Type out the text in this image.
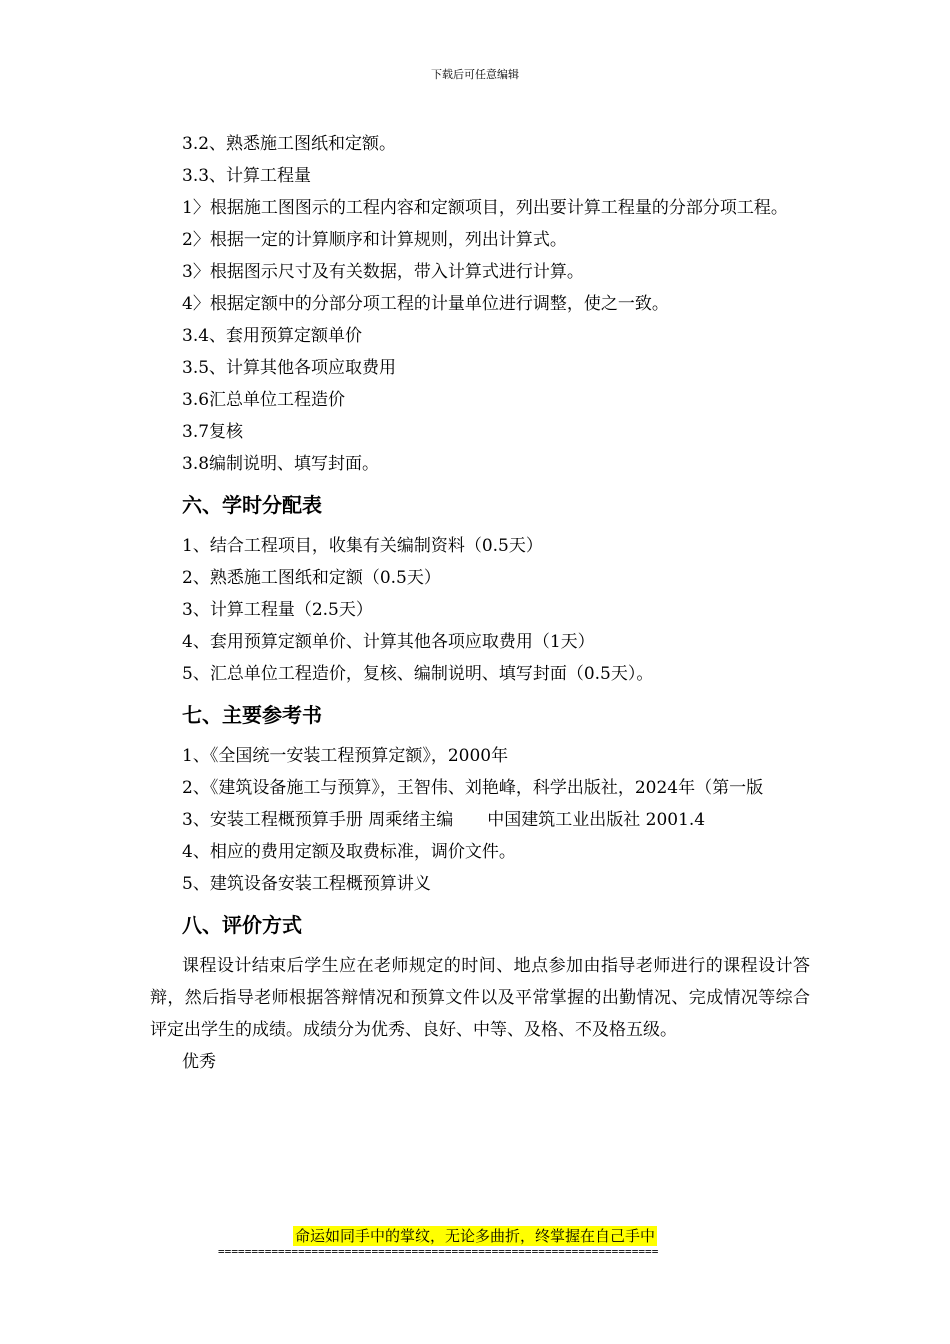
下载后可任意编辑

3.2、熟悉施工图纸和定额。

3.3、计算工程量

1〉根据施工图图示的工程内容和定额项目，列出要计算工程量的分部分项工程。

2〉根据一定的计算顺序和计算规则，列出计算式。

3〉根据图示尺寸及有关数据，带入计算式进行计算。

4〉根据定额中的分部分项工程的计量单位进行调整，使之一致。

3.4、套用预算定额单价

3.5、计算其他各项应取费用

3.6汇总单位工程造价

3.7复核

3.8编制说明、填写封面。

六、学时分配表

1、结合工程项目，收集有关编制资料（0.5天）

2、熟悉施工图纸和定额（0.5天）

3、计算工程量（2.5天）

4、套用预算定额单价、计算其他各项应取费用（1天）

5、汇总单位工程造价，复核、编制说明、填写封面（0.5天）。

七、主要参考书

1、《全国统一安装工程预算定额》，2000年

2、《建筑设备施工与预算》，王智伟、刘艳峰，科学出版社，2024年（第一版

3、安装工程概预算手册 周乘绪主编　　中国建筑工业出版社 2001.4

4、相应的费用定额及取费标准，调价文件。

5、建筑设备安装工程概预算讲义

八、评价方式

课程设计结束后学生应在老师规定的时间、地点参加由指导老师进行的课程设计答辩，然后指导老师根据答辩情况和预算文件以及平常掌握的出勤情况、完成情况等综合评定出学生的成绩。成绩分为优秀、良好、中等、及格、不及格五级。

优秀

命运如同手中的掌纹，无论多曲折，终掌握在自己手中
==================================================================
